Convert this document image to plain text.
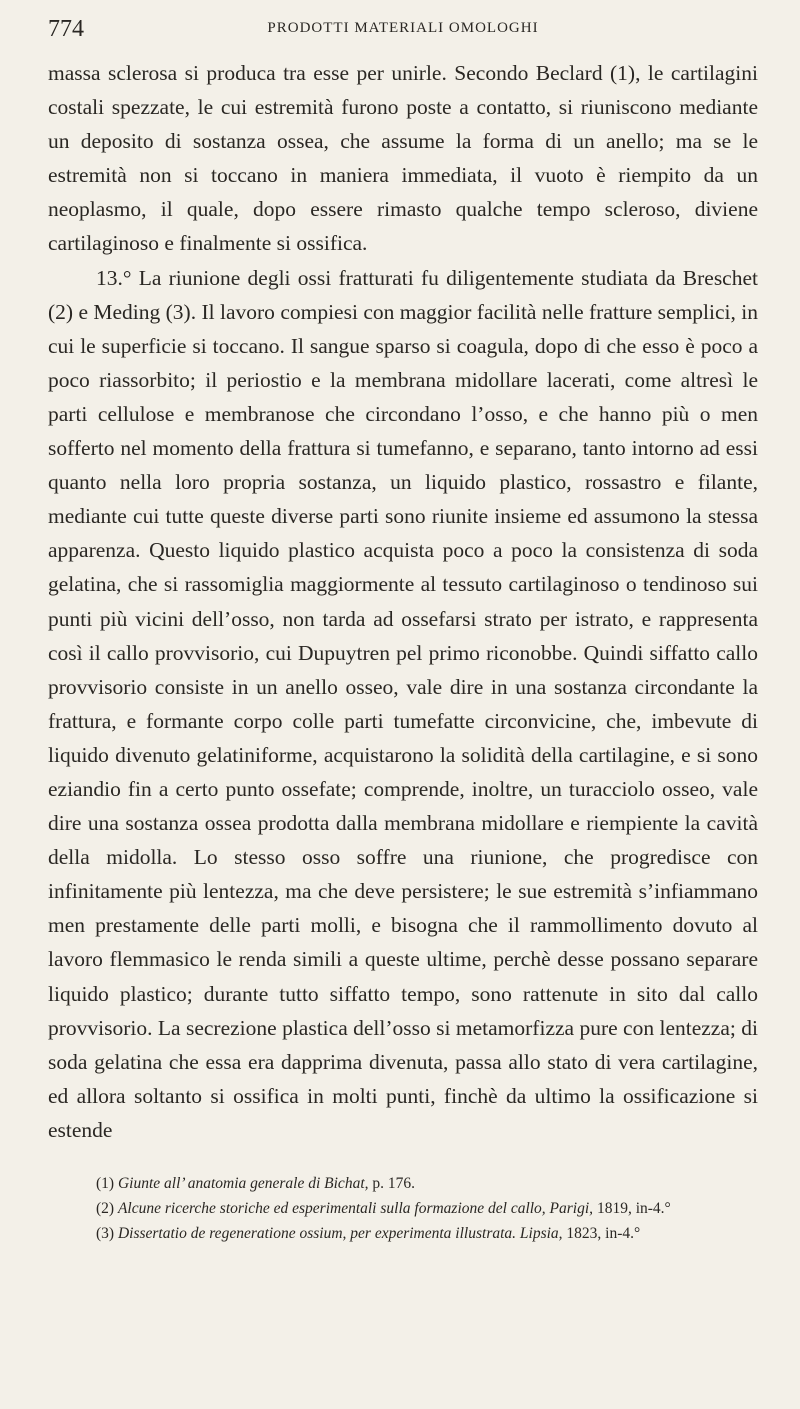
774	PRODOTTI MATERIALI OMOLOGHI

massa sclerosa si produca tra esse per unirle. Secondo Beclard (1), le cartilagini costali spezzate, le cui estremità furono poste a contatto, si riuniscono mediante un deposito di sostanza ossea, che assume la forma di un anello; ma se le estremità non si toccano in maniera immediata, il vuoto è riempito da un neoplasmo, il quale, dopo essere rimasto qualche tempo scleroso, diviene cartilaginoso e finalmente si ossifica.

13.° La riunione degli ossi fratturati fu diligentemente studiata da Breschet (2) e Meding (3). Il lavoro compiesi con maggior facilità nelle fratture semplici, in cui le superficie si toccano. Il sangue sparso si coagula, dopo di che esso è poco a poco riassorbito; il periostio e la membrana midollare lacerati, come altresì le parti cellulose e membranose che circondano l’osso, e che hanno più o men sofferto nel momento della frattura si tumefanno, e separano, tanto intorno ad essi quanto nella loro propria sostanza, un liquido plastico, rossastro e filante, mediante cui tutte queste diverse parti sono riunite insieme ed assumono la stessa apparenza. Questo liquido plastico acquista poco a poco la consistenza di soda gelatina, che si rassomiglia maggiormente al tessuto cartilaginoso o tendinoso sui punti più vicini dell’osso, non tarda ad ossefarsi strato per istrato, e rappresenta così il callo provvisorio, cui Dupuytren pel primo riconobbe. Quindi siffatto callo provvisorio consiste in un anello osseo, vale dire in una sostanza circondante la frattura, e formante corpo colle parti tumefatte circonvicine, che, imbevute di liquido divenuto gelatiniforme, acquistarono la solidità della cartilagine, e si sono eziandio fin a certo punto ossefate; comprende, inoltre, un turacciolo osseo, vale dire una sostanza ossea prodotta dalla membrana midollare e riempiente la cavità della midolla. Lo stesso osso soffre una riunione, che progredisce con infinitamente più lentezza, ma che deve persistere; le sue estremità s’infiammano men prestamente delle parti molli, e bisogna che il rammollimento dovuto al lavoro flemmasico le renda simili a queste ultime, perchè desse possano separare liquido plastico; durante tutto siffatto tempo, sono rattenute in sito dal callo provvisorio. La secrezione plastica dell’osso si metamorfizza pure con lentezza; di soda gelatina che essa era dapprima divenuta, passa allo stato di vera cartilagine, ed allora soltanto si ossifica in molti punti, finchè da ultimo la ossificazione si estende

(1) Giunte all’ anatomia generale di Bichat, p. 176.

(2) Alcune ricerche storiche ed esperimentali sulla formazione del callo, Parigi, 1819, in-4.°

(3) Dissertatio de regeneratione ossium, per experimenta illustrata. Lipsia, 1823, in-4.°
